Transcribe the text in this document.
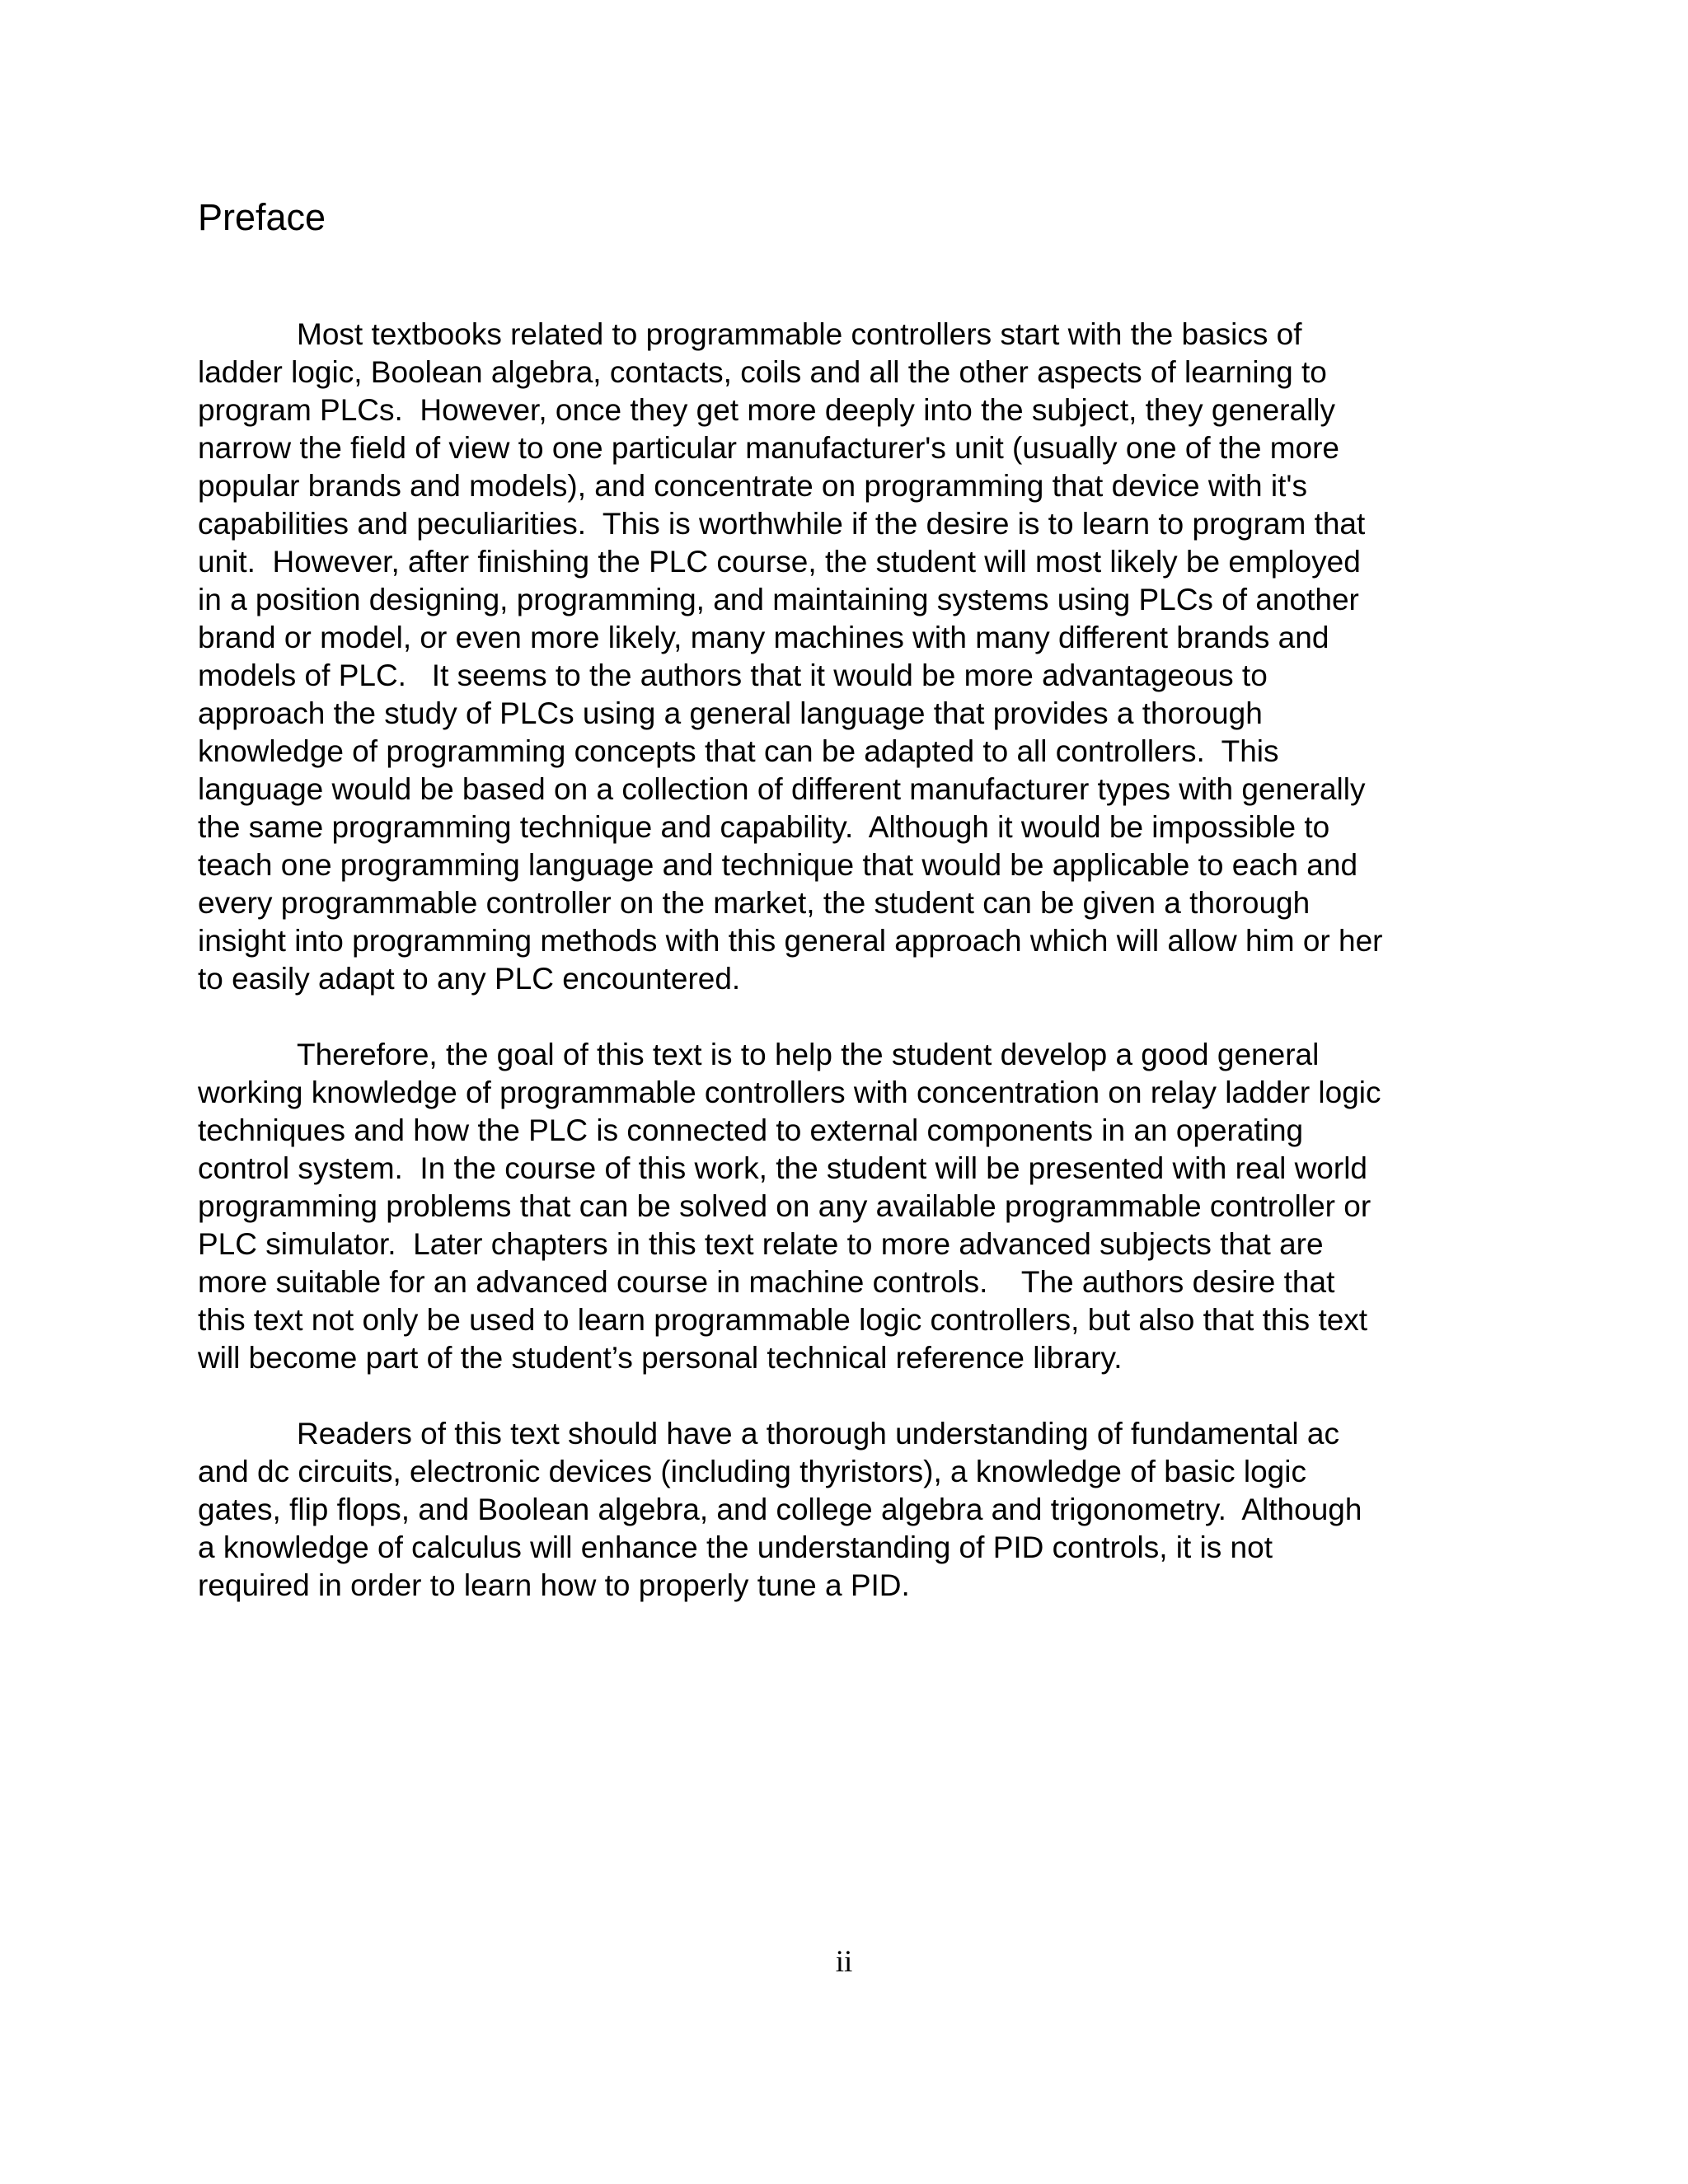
Preface

Most textbooks related to programmable controllers start with the basics of

ladder logic, Boolean algebra, contacts, coils and all the other aspects of learning to

program PLCs.  However, once they get more deeply into the subject, they generally

narrow the field of view to one particular manufacturer's unit (usually one of the more

popular brands and models), and concentrate on programming that device with it's

capabilities and peculiarities.  This is worthwhile if the desire is to learn to program that

unit.  However, after finishing the PLC course, the student will most likely be employed

in a position designing, programming, and maintaining systems using PLCs of another

brand or model, or even more likely, many machines with many different brands and

models of PLC.   It seems to the authors that it would be more advantageous to

approach the study of PLCs using a general language that provides a thorough

knowledge of programming concepts that can be adapted to all controllers.  This

language would be based on a collection of different manufacturer types with generally

the same programming technique and capability.  Although it would be impossible to

teach one programming language and technique that would be applicable to each and

every programmable controller on the market, the student can be given a thorough

insight into programming methods with this general approach which will allow him or her

to easily adapt to any PLC encountered.

Therefore, the goal of this text is to help the student develop a good general

working knowledge of programmable controllers with concentration on relay ladder logic

techniques and how the PLC is connected to external components in an operating

control system.  In the course of this work, the student will be presented with real world

programming problems that can be solved on any available programmable controller or

PLC simulator.  Later chapters in this text relate to more advanced subjects that are

more suitable for an advanced course in machine controls.    The authors desire that

this text not only be used to learn programmable logic controllers, but also that this text

will become part of the student’s personal technical reference library.

Readers of this text should have a thorough understanding of fundamental ac

and dc circuits, electronic devices (including thyristors), a knowledge of basic logic

gates, flip flops, and Boolean algebra, and college algebra and trigonometry.  Although

a knowledge of calculus will enhance the understanding of PID controls, it is not

required in order to learn how to properly tune a PID.

ii
